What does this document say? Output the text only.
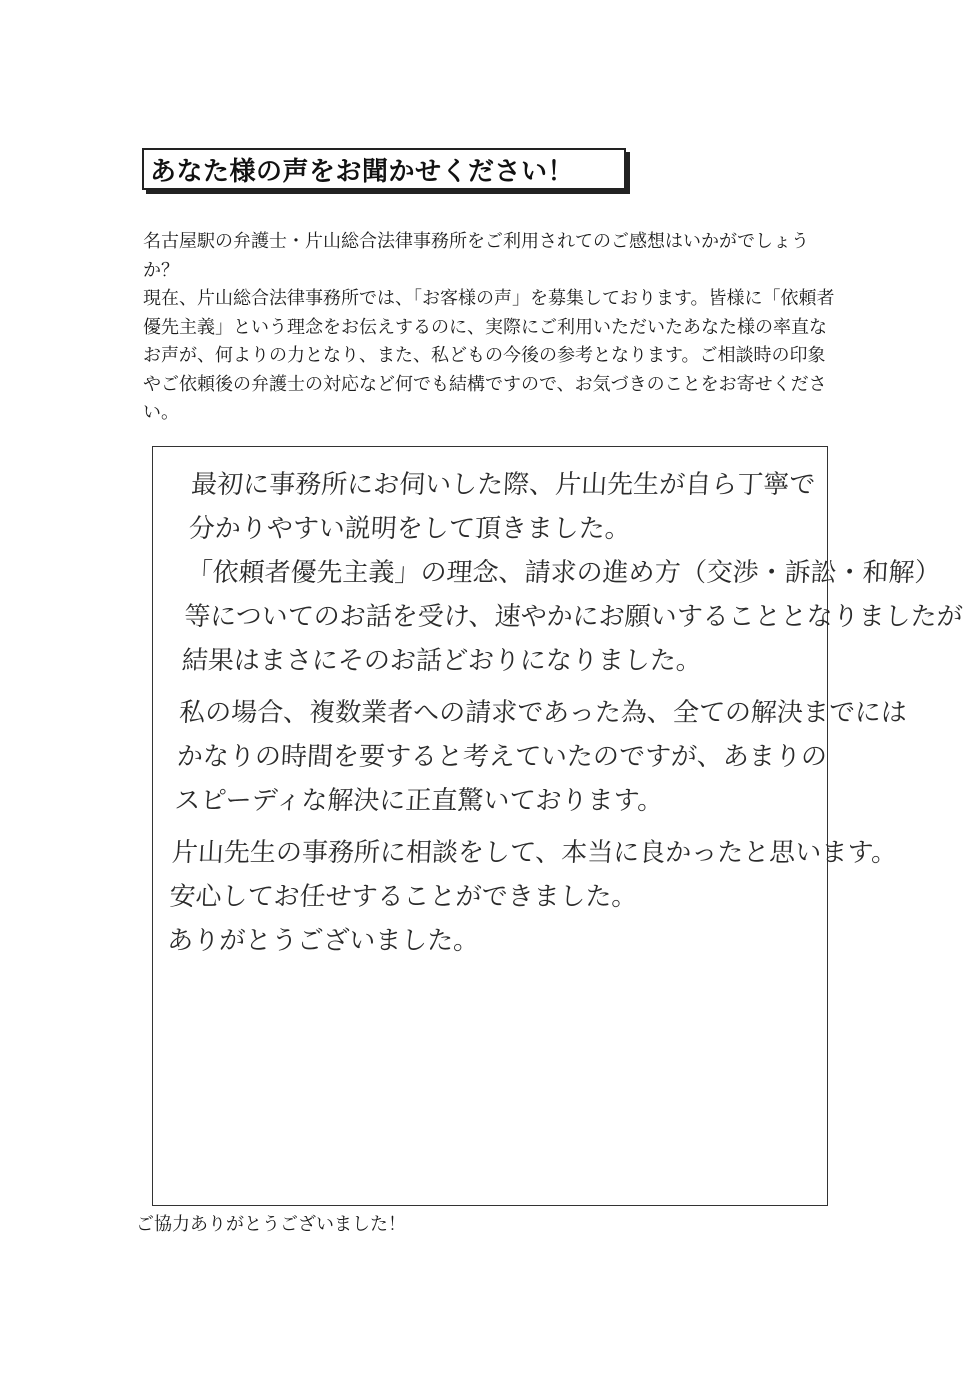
あなた様の声をお聞かせください！

名古屋駅の弁護士・片山総合法律事務所をご利用されてのご感想はいかがでしょうか？

現在、片山総合法律事務所では、「お客様の声」を募集しております。皆様に「依頼者優先主義」という理念をお伝えするのに、実際にご利用いただいたあなた様の率直なお声が、何よりの力となり、また、私どもの今後の参考となります。ご相談時の印象やご依頼後の弁護士の対応など何でも結構ですので、お気づきのことをお寄せください。

最初に事務所にお伺いした際、片山先生が自ら丁寧で
分かりやすい説明をして頂きました。
「依頼者優先主義」の理念、請求の進め方（交渉・訴訟・和解）
等についてのお話を受け、速やかにお願いすることとなりましたが
結果はまさにそのお話どおりになりました。

私の場合、複数業者への請求であった為、全ての解決までには
かなりの時間を要すると考えていたのですが、あまりの
スピーディな解決に正直驚いております。

片山先生の事務所に相談をして、本当に良かったと思います。
安心してお任せすることができました。
ありがとうございました。

ご協力ありがとうございました！
